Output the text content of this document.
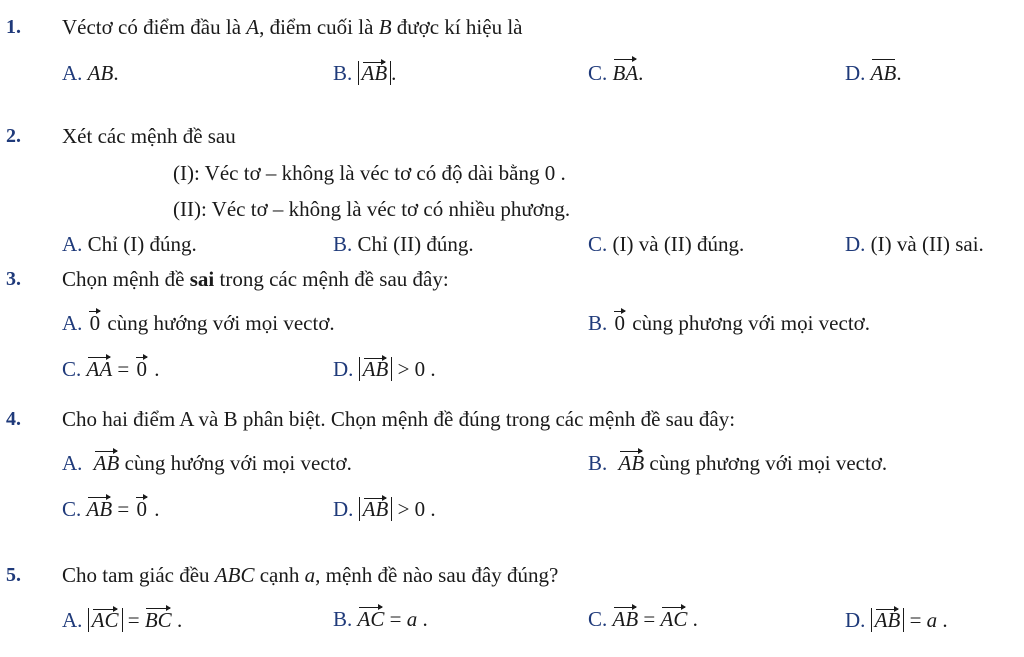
1. Véctơ có điểm đầu là A, điểm cuối là B được kí hiệu là
A. AB.	B. AB .	C. BA.	D. AB.
2. Xét các mệnh đề sau
(I): Véc tơ – không là véc tơ có độ dài bằng 0 .
(II): Véc tơ – không là véc tơ có nhiều phương.
A. Chỉ (I) đúng.	B. Chỉ (II) đúng.	C. (I) và (II) đúng.	D. (I) và (II) sai.
3. Chọn mệnh đề sai trong các mệnh đề sau đây:
A. 0 cùng hướng với mọi vectơ.	B. 0 cùng phương với mọi vectơ.
C. AA = 0 .	D. AB > 0 .
4. Cho hai điểm A và B phân biệt. Chọn mệnh đề đúng trong các mệnh đề sau đây:
A. AB cùng hướng với mọi vectơ.	B. AB cùng phương với mọi vectơ.
C. AB = 0 .	D. AB > 0 .
5. Cho tam giác đều ABC cạnh a, mệnh đề nào sau đây đúng?
A. AC = BC .	B. AC = a .	C. AB = AC .	D. AB = a .
